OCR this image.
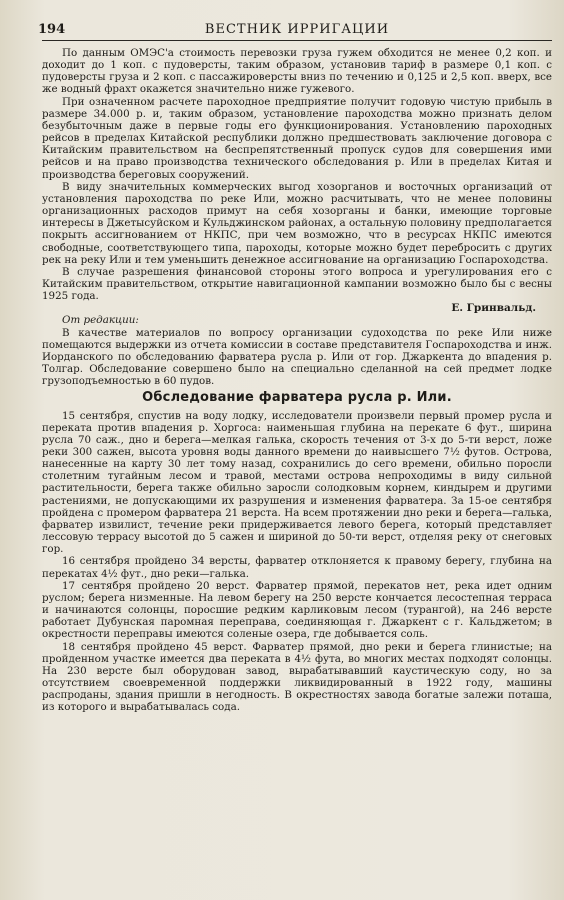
194	ВЕСТНИК ИРРИГАЦИИ

По данным ОМЭС'а стоимость перевозки груза гужем обходится не менее 0,2 коп. и доходит до 1 коп. с пудоверсты, таким образом, установив тариф в размере 0,1 коп. с пудоверсты груза и 2 коп. с пассажироверсты вниз по течению и 0,125 и 2,5 коп. вверх, все же водный фрахт окажется значительно ниже гужевого.

При означенном расчете пароходное предприятие получит годовую чистую прибыль в размере 34.000 р. и, таким образом, установление пароходства можно признать делом безубыточным даже в первые годы его функционирования. Установлению пароходных рейсов в пределах Китайской республики должно предшествовать заключение договора с Китайским правительством на беспрепятственный пропуск судов для совершения ими рейсов и на право производства технического обследования р. Или в пределах Китая и производства береговых сооружений.

В виду значительных коммерческих выгод хозорганов и восточных организаций от установления пароходства по реке Или, можно расчитывать, что не менее половины организационных расходов примут на себя хозорганы и банки, имеющие торговые интересы в Джетысуйском и Кульджинском районах, а остальную половину предполагается покрыть ассигнованием от НКПС, при чем возможно, что в ресурсах НКПС имеются свободные, соответствующего типа, пароходы, которые можно будет перебросить с других рек на реку Или и тем уменьшить денежное ассигнование на организацию Госпароходства.

В случае разрешения финансовой стороны этого вопроса и урегулирования его с Китайским правительством, открытие навигационной кампании возможно было бы с весны 1925 года.

Е. Гринвальд.

От редакции:

В качестве материалов по вопросу организации судоходства по реке Или ниже помещаются выдержки из отчета комиссии в составе представителя Госпароходства и инж. Иорданского по обследованию фарватера русла р. Или от гор. Джаркента до впадения р. Толгар. Обследование совершено было на специально сделанной на сей предмет лодке грузоподъемностью в 60 пудов.

Обследование фарватера русла р. Или.

15 сентября, спустив на воду лодку, исследователи произвели первый промер русла и переката против впадения р. Хоргоса: наименьшая глубина на перекате 6 фут., ширина русла 70 саж., дно и берега—мелкая галька, скорость течения от 3-х до 5-ти верст, ложе реки 300 сажен, высота уровня воды данного времени до наивысшего 7½ футов. Острова, нанесенные на карту 30 лет тому назад, сохранились до сего времени, обильно поросли столетним тугайным лесом и травой, местами острова непроходимы в виду сильной растительности, берега также обильно заросли солодковым корнем, киндырем и другими растениями, не допускающими их разрушения и изменения фарватера. За 15-ое сентября пройдена с промером фарватера 21 верста. На всем протяжении дно реки и берега—галька, фарватер извилист, течение реки придерживается левого берега, который представляет лессовую террасу высотой до 5 сажен и шириной до 50-ти верст, отделяя реку от снеговых гор.

16 сентября пройдено 34 версты, фарватер отклоняется к правому берегу, глубина на перекатах 4½ фут., дно реки—галька.

17 сентября пройдено 20 верст. Фарватер прямой, перекатов нет, река идет одним руслом; берега низменные. На левом берегу на 250 версте кончается лесостепная терраса и начинаются солонцы, поросшие редким карликовым лесом (турангой), на 246 версте работает Дубунская паромная переправа, соединяющая г. Джаркент с г. Кальджетом; в окрестности переправы имеются соленые озера, где добывается соль.

18 сентября пройдено 45 верст. Фарватер прямой, дно реки и берега глинистые; на пройденном участке имеется два переката в 4½ фута, во многих местах подходят солонцы. На 230 версте был оборудован завод, вырабатывавший каустическую соду, но за отсутствием своевременной поддержки ликвидированный в 1922 году, машины распроданы, здания пришли в негодность. В окрестностях завода богатые залежи поташа, из которого и вырабатывалась сода.
